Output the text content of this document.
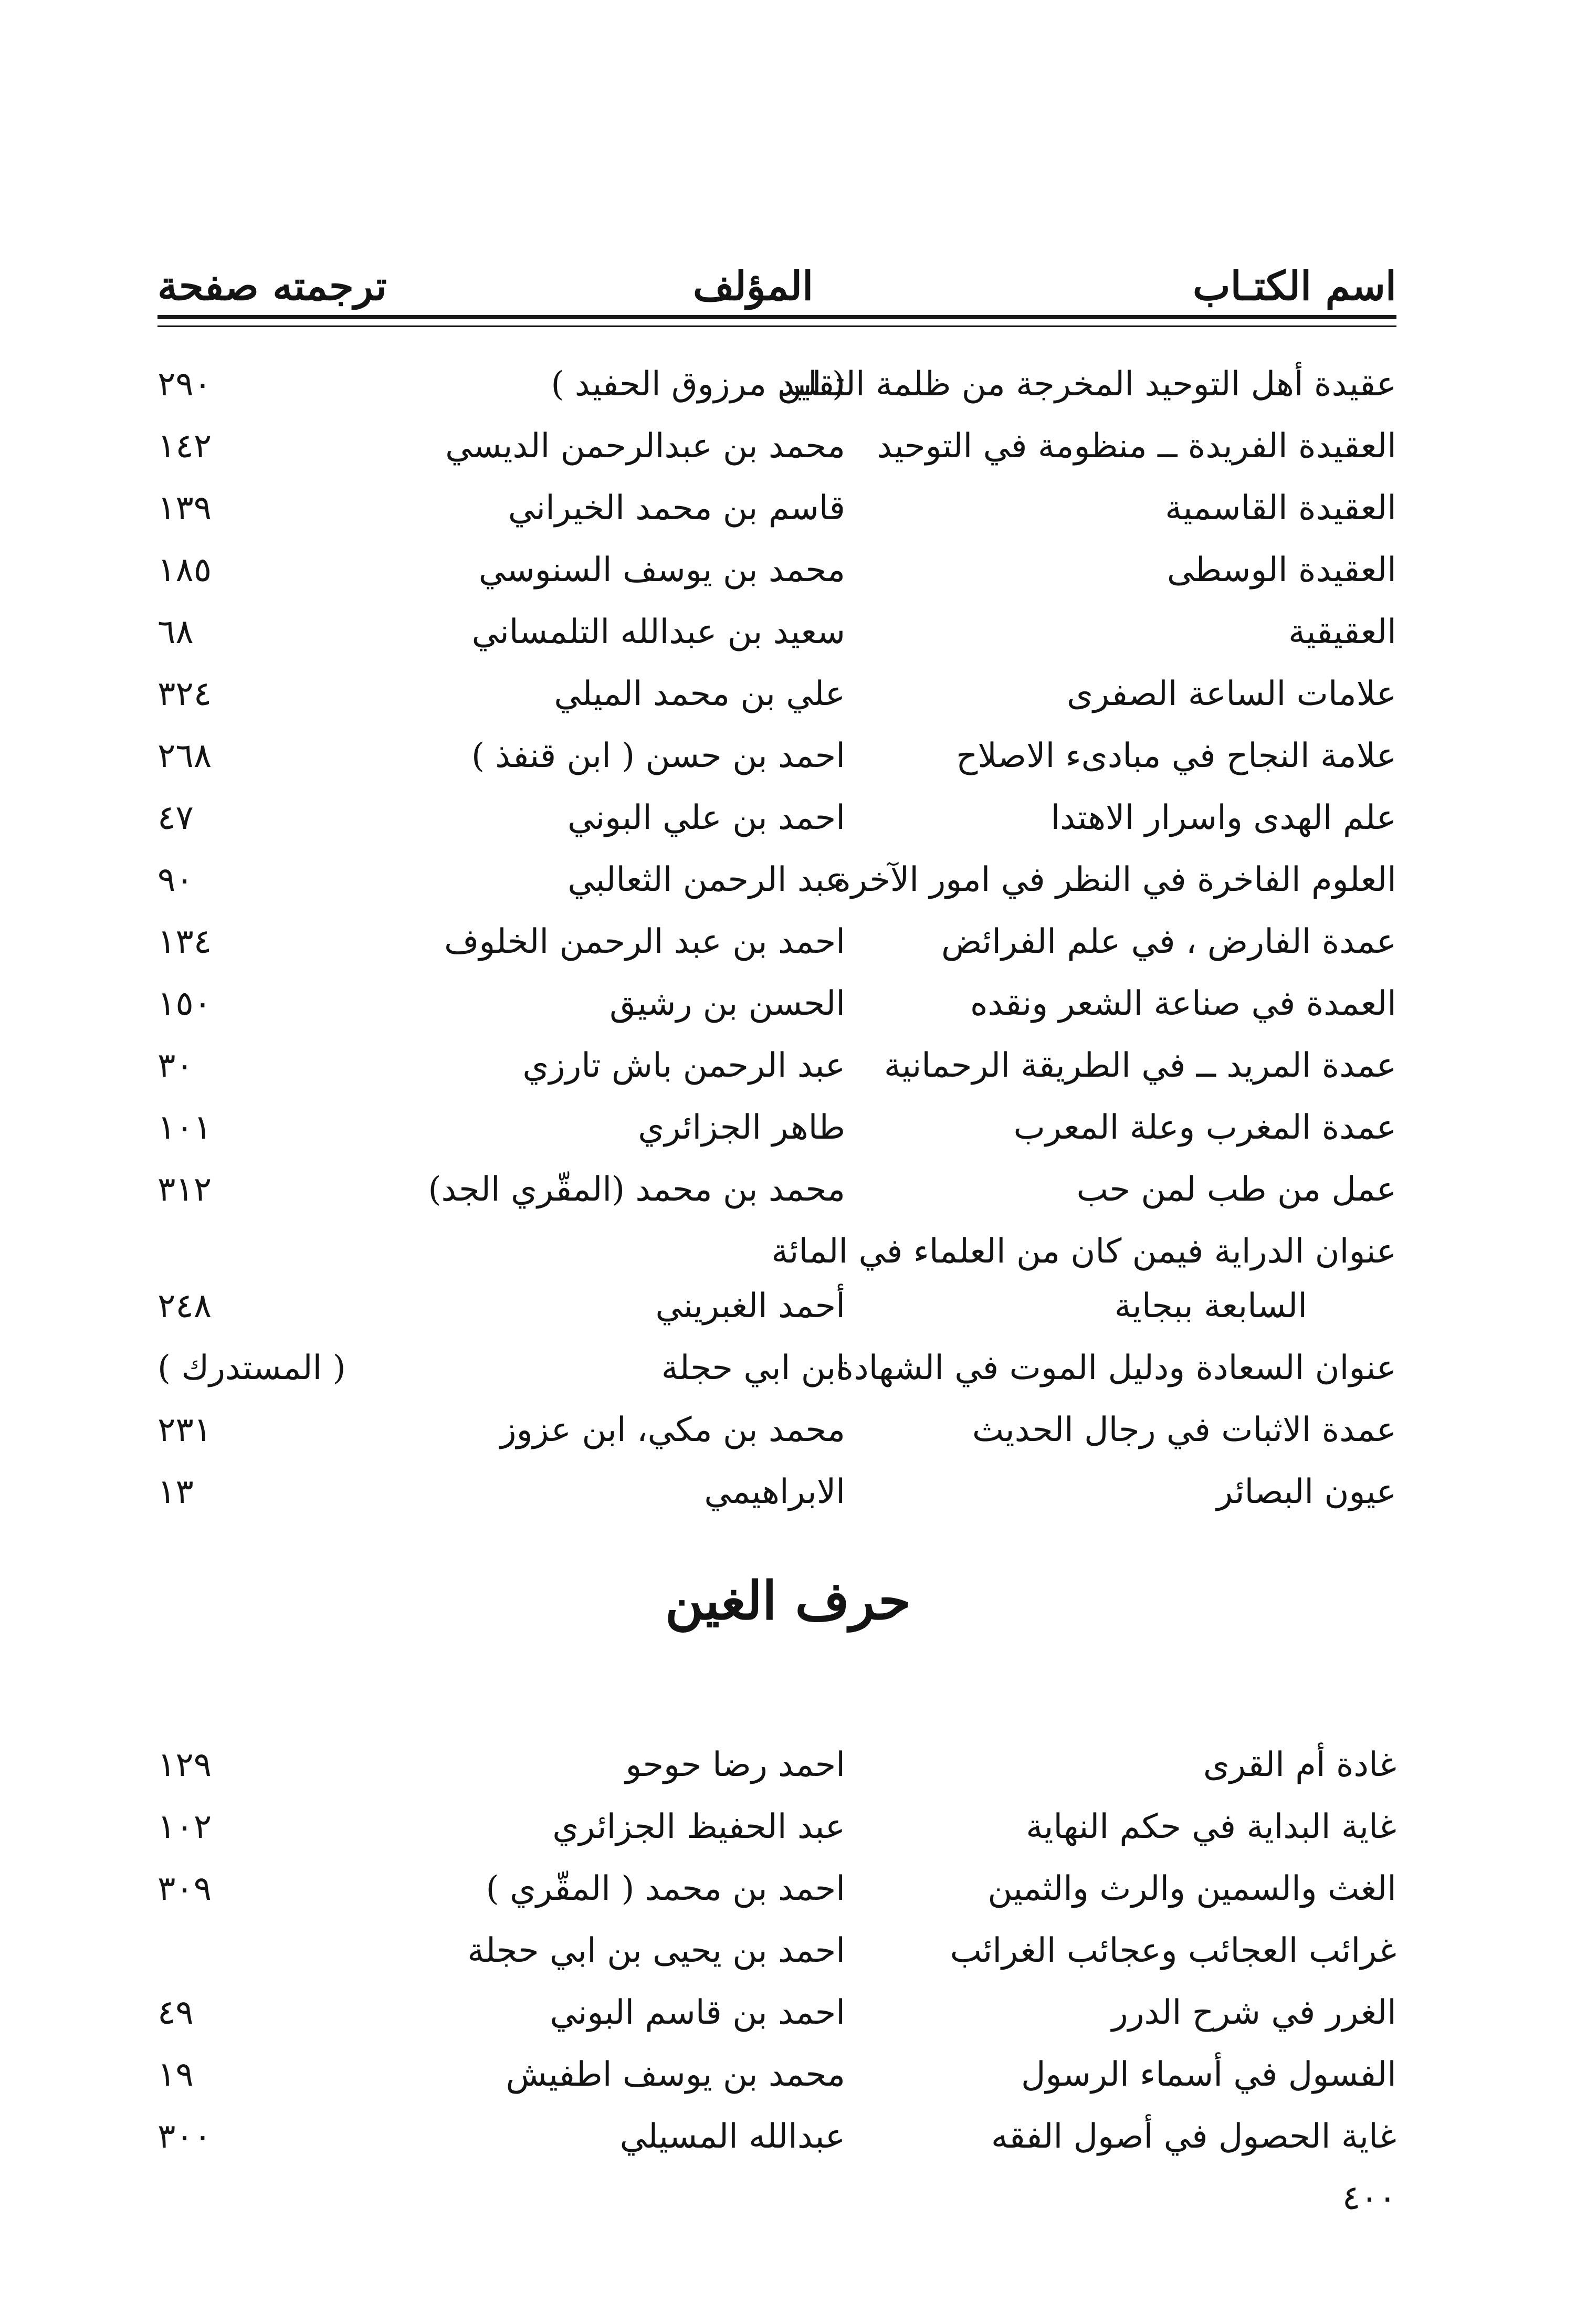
اسم الكتـاب
المؤلف
ترجمته صفحة
عقيدة أهل التوحيد المخرجة من ظلمة التقليد
( ابن مرزوق الحفيد )
٢٩٠
العقيدة الفريدة ــ منظومة في التوحيد
محمد بن عبدالرحمن الديسي
١٤٢
العقيدة القاسمية
قاسم بن محمد الخيراني
١٣٩
العقيدة الوسطى
محمد بن يوسف السنوسي
١٨٥
العقيقية
سعيد بن عبدالله التلمساني
٦٨
علامات الساعة الصفرى
علي بن محمد الميلي
٣٢٤
علامة النجاح في مبادىء الاصلاح
احمد بن حسن ( ابن قنفذ )
٢٦٨
علم الهدى واسرار الاهتدا
احمد بن علي البوني
٤٧
العلوم الفاخرة في النظر في امور الآخرة
عبد الرحمن الثعالبي
٩٠
عمدة الفارض ، في علم الفرائض
احمد بن عبد الرحمن الخلوف
١٣٤
العمدة في صناعة الشعر ونقده
الحسن بن رشيق
١٥٠
عمدة المريد ــ في الطريقة الرحمانية
عبد الرحمن باش تارزي
٣٠
عمدة المغرب وعلة المعرب
طاهر الجزائري
١٠١
عمل من طب لمن حب
محمد بن محمد (المقّري الجد)
٣١٢
عنوان الدراية فيمن كان من العلماء في المائة
السابعة ببجاية
أحمد الغبريني
٢٤٨
عنوان السعادة ودليل الموت في الشهادة
ابن ابي حجلة
( المستدرك )
عمدة الاثبات في رجال الحديث
محمد بن مكي، ابن عزوز
٢٣١
عيون البصائر
الابراهيمي
١٣
حرف الغين
غادة أم القرى
احمد رضا حوحو
١٢٩
غاية البداية في حكم النهاية
عبد الحفيظ الجزائري
١٠٢
الغث والسمين والرث والثمين
احمد بن محمد ( المقّري )
٣٠٩
غرائب العجائب وعجائب الغرائب
احمد بن يحيى بن ابي حجلة
الغرر في شرح الدرر
احمد بن قاسم البوني
٤٩
الفسول في أسماء الرسول
محمد بن يوسف اطفيش
١٩
غاية الحصول في أصول الفقه
عبدالله المسيلي
٣٠٠
٤٠٠
